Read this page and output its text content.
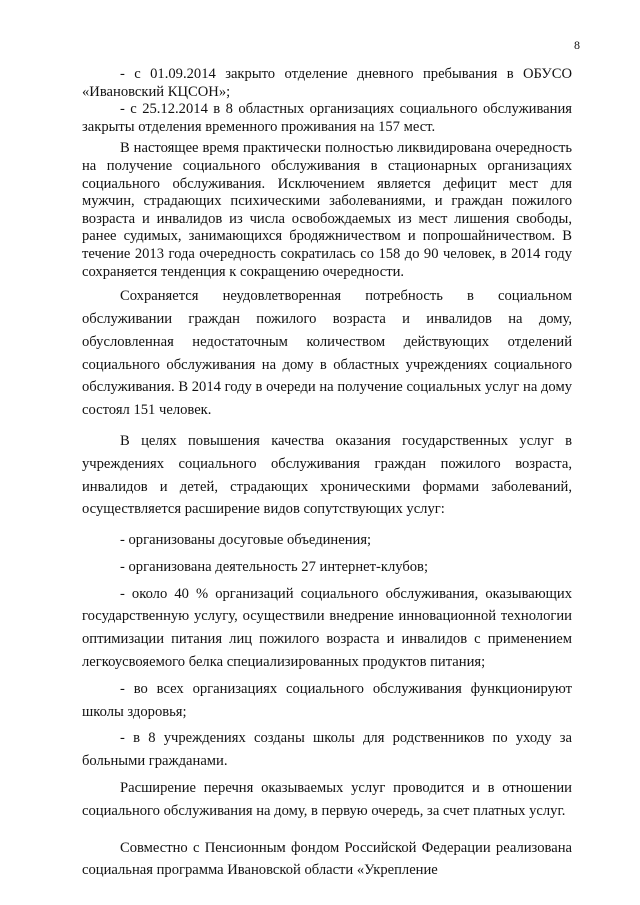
8

- с 01.09.2014 закрыто отделение дневного пребывания в ОБУСО «Ивановский КЦСОН»;

- с 25.12.2014 в 8 областных организациях социального обслуживания закрыты отделения временного проживания на 157 мест.

В настоящее время практически полностью ликвидирована очередность на получение социального обслуживания в стационарных организациях социального обслуживания. Исключением является дефицит мест для мужчин, страдающих психическими заболеваниями, и граждан пожилого возраста и инвалидов из числа освобождаемых из мест лишения свободы, ранее судимых, занимающихся бродяжничеством и попрошайничеством. В течение 2013 года очередность сократилась со 158 до 90 человек, в 2014 году сохраняется тенденция к сокращению очередности.

Сохраняется неудовлетворенная потребность в социальном обслуживании граждан пожилого возраста и инвалидов на дому, обусловленная недостаточным количеством действующих отделений социального обслуживания на дому в областных учреждениях социального обслуживания. В 2014 году в очереди на получение социальных услуг на дому состоял 151 человек.

В целях повышения качества оказания государственных услуг в учреждениях социального обслуживания граждан пожилого возраста, инвалидов и детей, страдающих хроническими формами заболеваний, осуществляется расширение видов сопутствующих услуг:

- организованы досуговые объединения;

- организована деятельность 27 интернет-клубов;

- около 40 % организаций социального обслуживания, оказывающих государственную услугу, осуществили внедрение инновационной технологии оптимизации питания лиц пожилого возраста и инвалидов с применением легкоусвояемого белка специализированных продуктов питания;

- во всех организациях социального обслуживания функционируют школы здоровья;

- в 8 учреждениях созданы школы для родственников по уходу за больными гражданами.

Расширение перечня оказываемых услуг проводится и в отношении социального обслуживания на дому, в первую очередь, за счет платных услуг.

Совместно с Пенсионным фондом Российской Федерации реализована социальная программа Ивановской области «Укрепление
